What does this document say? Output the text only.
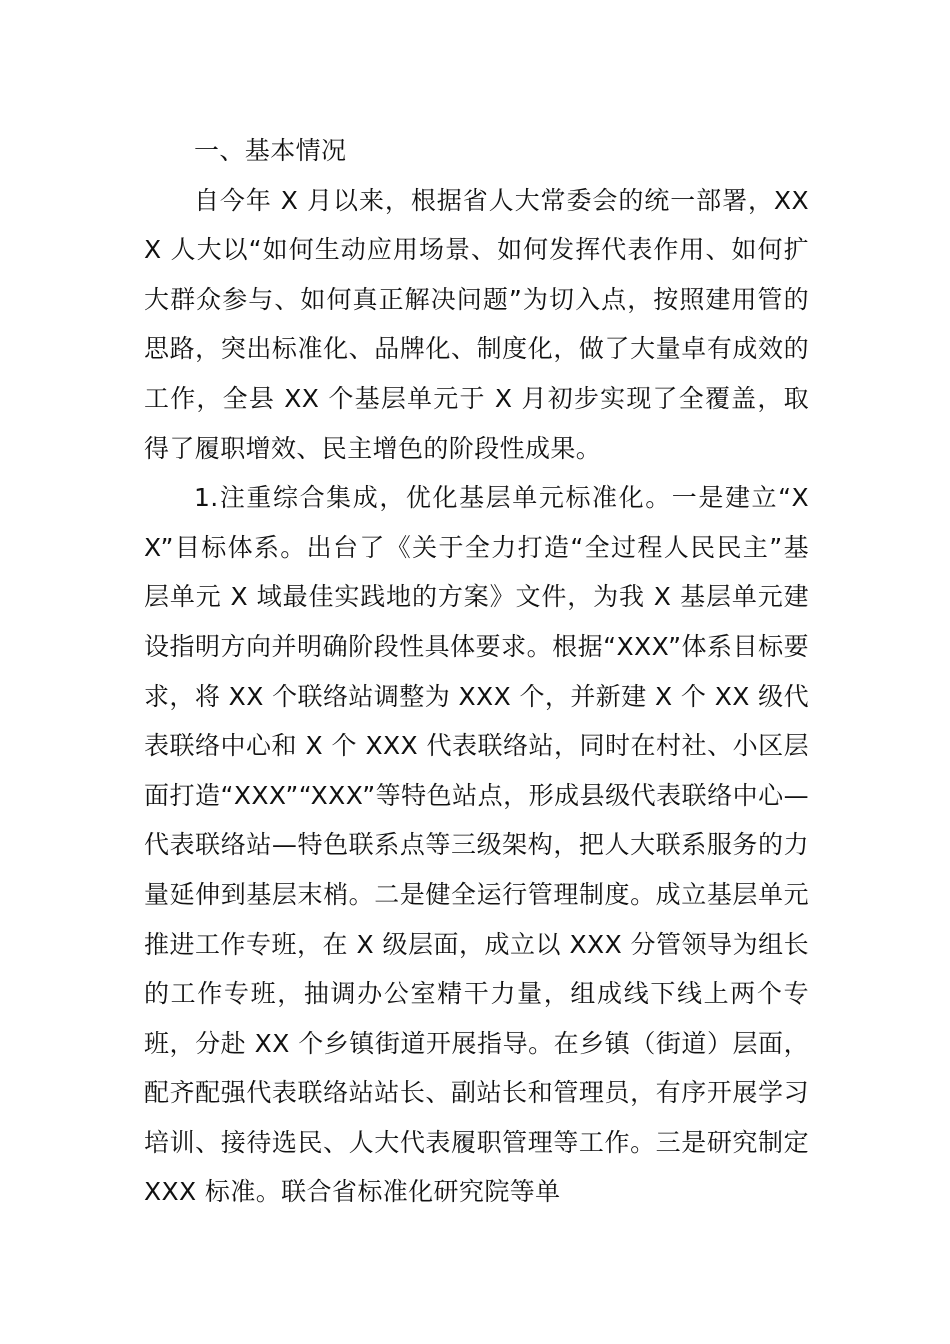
一、基本情况

自今年 X 月以来，根据省人大常委会的统一部署，XXX 人大以“如何生动应用场景、如何发挥代表作用、如何扩大群众参与、如何真正解决问题”为切入点，按照建用管的思路，突出标准化、品牌化、制度化，做了大量卓有成效的工作，全县 XX 个基层单元于 X 月初步实现了全覆盖，取得了履职增效、民主增色的阶段性成果。

1.注重综合集成，优化基层单元标准化。一是建立“XX”目标体系。出台了《关于全力打造“全过程人民民主”基层单元 X 域最佳实践地的方案》文件，为我 X 基层单元建设指明方向并明确阶段性具体要求。根据“XXX”体系目标要求，将 XX 个联络站调整为 XXX 个，并新建 X 个 XX 级代表联络中心和 X 个 XXX 代表联络站，同时在村社、小区层面打造“XXX”“XXX”等特色站点，形成县级代表联络中心—代表联络站—特色联系点等三级架构，把人大联系服务的力量延伸到基层末梢。二是健全运行管理制度。成立基层单元推进工作专班，在 X 级层面，成立以 XXX 分管领导为组长的工作专班，抽调办公室精干力量，组成线下线上两个专班，分赴 XX 个乡镇街道开展指导。在乡镇（街道）层面，配齐配强代表联络站站长、副站长和管理员，有序开展学习培训、接待选民、人大代表履职管理等工作。三是研究制定 XXX 标准。联合省标准化研究院等单
